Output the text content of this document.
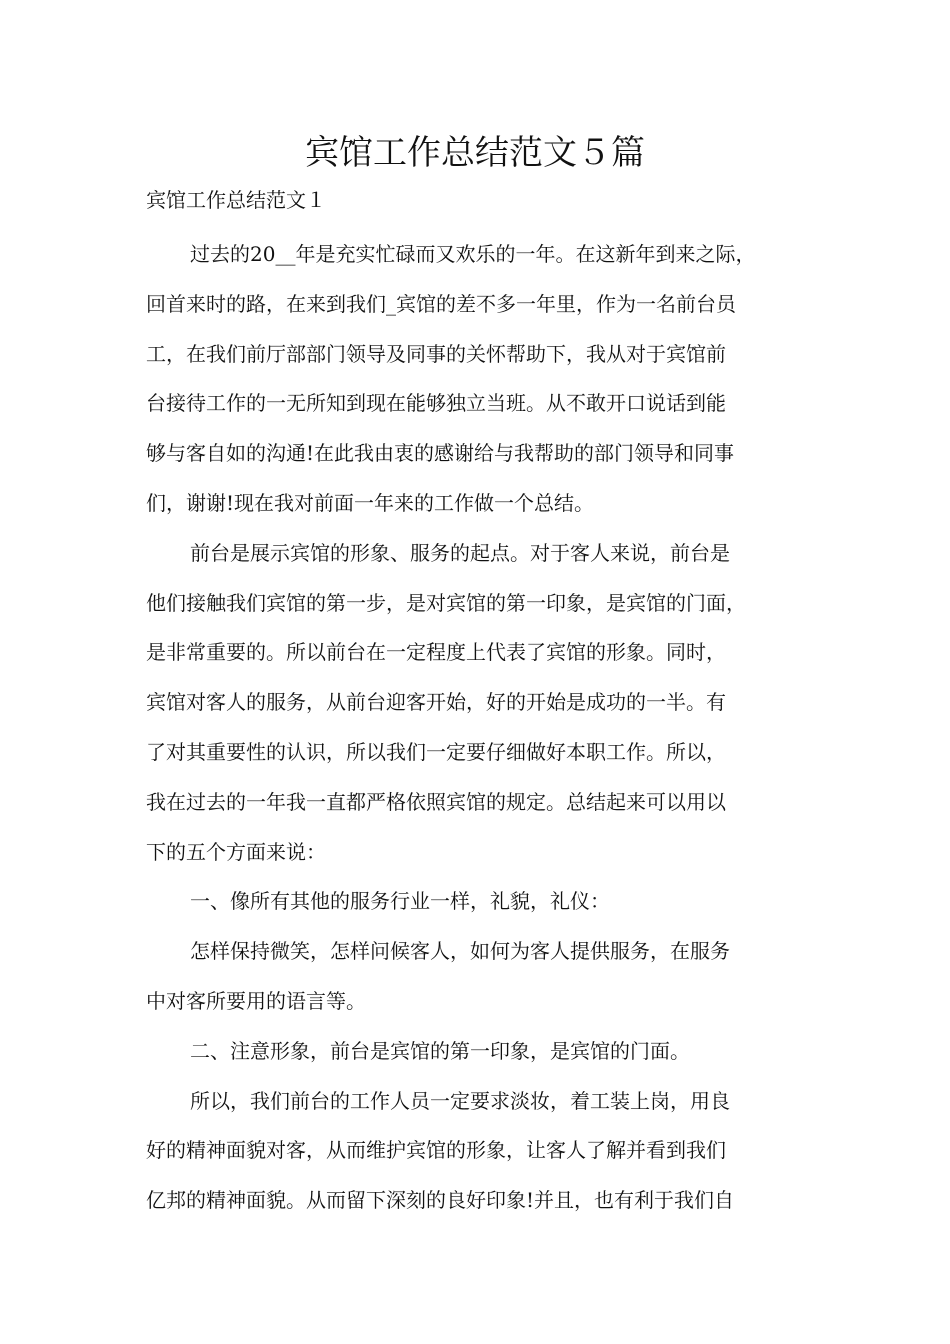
宾馆工作总结范文５篇

宾馆工作总结范文１

过去的20__年是充实忙碌而又欢乐的一年。在这新年到来之际，
回首来时的路，在来到我们_宾馆的差不多一年里，作为一名前台员
工，在我们前厅部部门领导及同事的关怀帮助下，我从对于宾馆前
台接待工作的一无所知到现在能够独立当班。从不敢开口说话到能
够与客自如的沟通!在此我由衷的感谢给与我帮助的部门领导和同事
们，谢谢!现在我对前面一年来的工作做一个总结。

前台是展示宾馆的形象、服务的起点。对于客人来说，前台是
他们接触我们宾馆的第一步，是对宾馆的第一印象，是宾馆的门面，
是非常重要的。所以前台在一定程度上代表了宾馆的形象。同时，
宾馆对客人的服务，从前台迎客开始，好的开始是成功的一半。有
了对其重要性的认识，所以我们一定要仔细做好本职工作。所以，
我在过去的一年我一直都严格依照宾馆的规定。总结起来可以用以
下的五个方面来说：

一、像所有其他的服务行业一样，礼貌，礼仪：

怎样保持微笑，怎样问候客人，如何为客人提供服务，在服务
中对客所要用的语言等。

二、注意形象，前台是宾馆的第一印象，是宾馆的门面。

所以，我们前台的工作人员一定要求淡妆，着工装上岗，用良
好的精神面貌对客，从而维护宾馆的形象，让客人了解并看到我们
亿邦的精神面貌。从而留下深刻的良好印象!并且，也有利于我们自
